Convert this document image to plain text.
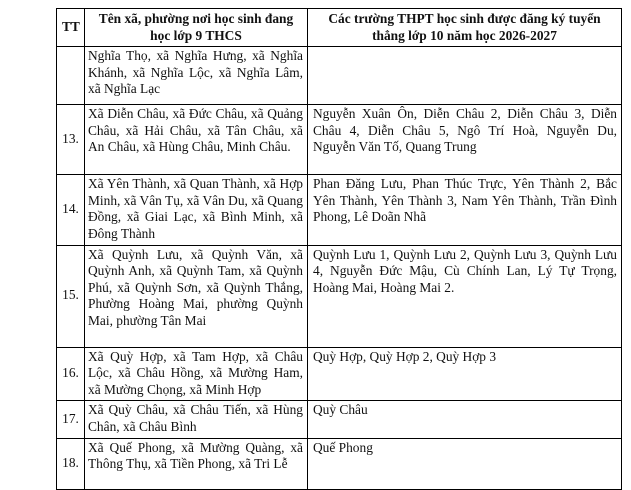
TT	Tên xã, phường nơi học sinh đang học lớp 9 THCS	Các trường THPT học sinh được đăng ký tuyển thẳng lớp 10 năm học 2026-2027
	Nghĩa Thọ, xã Nghĩa Hưng, xã Nghĩa Khánh, xã Nghĩa Lộc, xã Nghĩa Lâm, xã Nghĩa Lạc	
13.	Xã Diễn Châu, xã Đức Châu, xã Quảng Châu, xã Hải Châu, xã Tân Châu, xã An Châu, xã Hùng Châu, Minh Châu.	Nguyễn Xuân Ôn, Diễn Châu 2, Diễn Châu 3, Diễn Châu 4, Diễn Châu 5, Ngô Trí Hoà, Nguyễn Du, Nguyễn Văn Tố, Quang Trung
14.	Xã Yên Thành, xã Quan Thành, xã Hợp Minh, xã Vân Tụ, xã Vân Du, xã Quang Đồng, xã Giai Lạc, xã Bình Minh, xã Đông Thành	Phan Đăng Lưu, Phan Thúc Trực, Yên Thành 2, Bắc Yên Thành, Yên Thành 3, Nam Yên Thành, Trần Đình Phong, Lê Doãn Nhã
15.	Xã Quỳnh Lưu, xã Quỳnh Văn, xã Quỳnh Anh, xã Quỳnh Tam, xã Quỳnh Phú, xã Quỳnh Sơn, xã Quỳnh Thắng, Phường Hoàng Mai, phường Quỳnh Mai, phường Tân Mai	Quỳnh Lưu 1, Quỳnh Lưu 2, Quỳnh Lưu 3, Quỳnh Lưu 4, Nguyễn Đức Mậu, Cù Chính Lan, Lý Tự Trọng, Hoàng Mai, Hoàng Mai 2.
16.	Xã Quỳ Hợp, xã Tam Hợp, xã Châu Lộc, xã Châu Hồng, xã Mường Ham, xã Mường Chọng, xã Minh Hợp	Quỳ Hợp, Quỳ Hợp 2, Quỳ Hợp 3
17.	Xã Quỳ Châu, xã Châu Tiến, xã Hùng Chân, xã Châu Bình	Quỳ Châu
18.	Xã Quế Phong, xã Mường Quàng, xã Thông Thụ, xã Tiền Phong, xã Tri Lễ	Quế Phong
